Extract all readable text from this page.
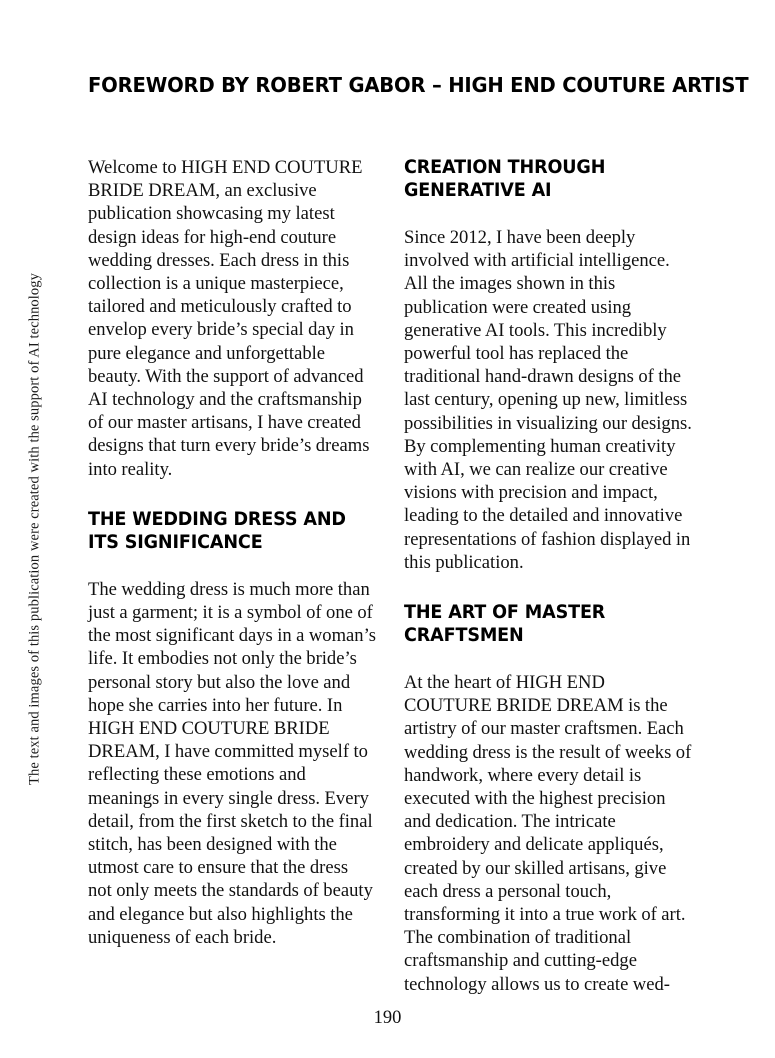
The text and images of this publication were created with the support of AI technology
FOREWORD BY ROBERT GABOR – HIGH END COUTURE ARTIST

Welcome to HIGH END COUTURE BRIDE DREAM, an exclusive publication showcasing my latest design ideas for high-end couture wedding dresses. Each dress in this collection is a unique masterpiece, tailored and meticulously crafted to envelop every bride’s special day in pure elegance and unforgettable beauty. With the support of advanced AI technology and the craftsmanship of our master artisans, I have created designs that turn every bride’s dreams into reality.

THE WEDDING DRESS AND ITS SIGNIFICANCE

The wedding dress is much more than just a garment; it is a symbol of one of the most significant days in a woman’s life. It embodies not only the bride’s personal story but also the love and hope she carries into her future. In HIGH END COUTURE BRIDE DREAM, I have committed myself to reflecting these emotions and meanings in every single dress. Every detail, from the first sketch to the final stitch, has been designed with the utmost care to ensure that the dress not only meets the standards of beauty and elegance but also highlights the uniqueness of each bride.

CREATION THROUGH GENERATIVE AI

Since 2012, I have been deeply involved with artificial intelligence. All the images shown in this publication were created using generative AI tools. This incredibly powerful tool has replaced the traditional hand-drawn designs of the last century, opening up new, limitless possibilities in visualizing our designs. By complementing human creativity with AI, we can realize our creative visions with precision and impact, leading to the detailed and innovative representations of fashion displayed in this publication.

THE ART OF MASTER CRAFTSMEN

At the heart of HIGH END COUTURE BRIDE DREAM is the artistry of our master craftsmen. Each wedding dress is the result of weeks of handwork, where every detail is executed with the highest precision and dedication. The intricate embroidery and delicate appliqués, created by our skilled artisans, give each dress a personal touch, transforming it into a true work of art. The combination of traditional craftsmanship and cutting-edge technology allows us to create wed-

190
